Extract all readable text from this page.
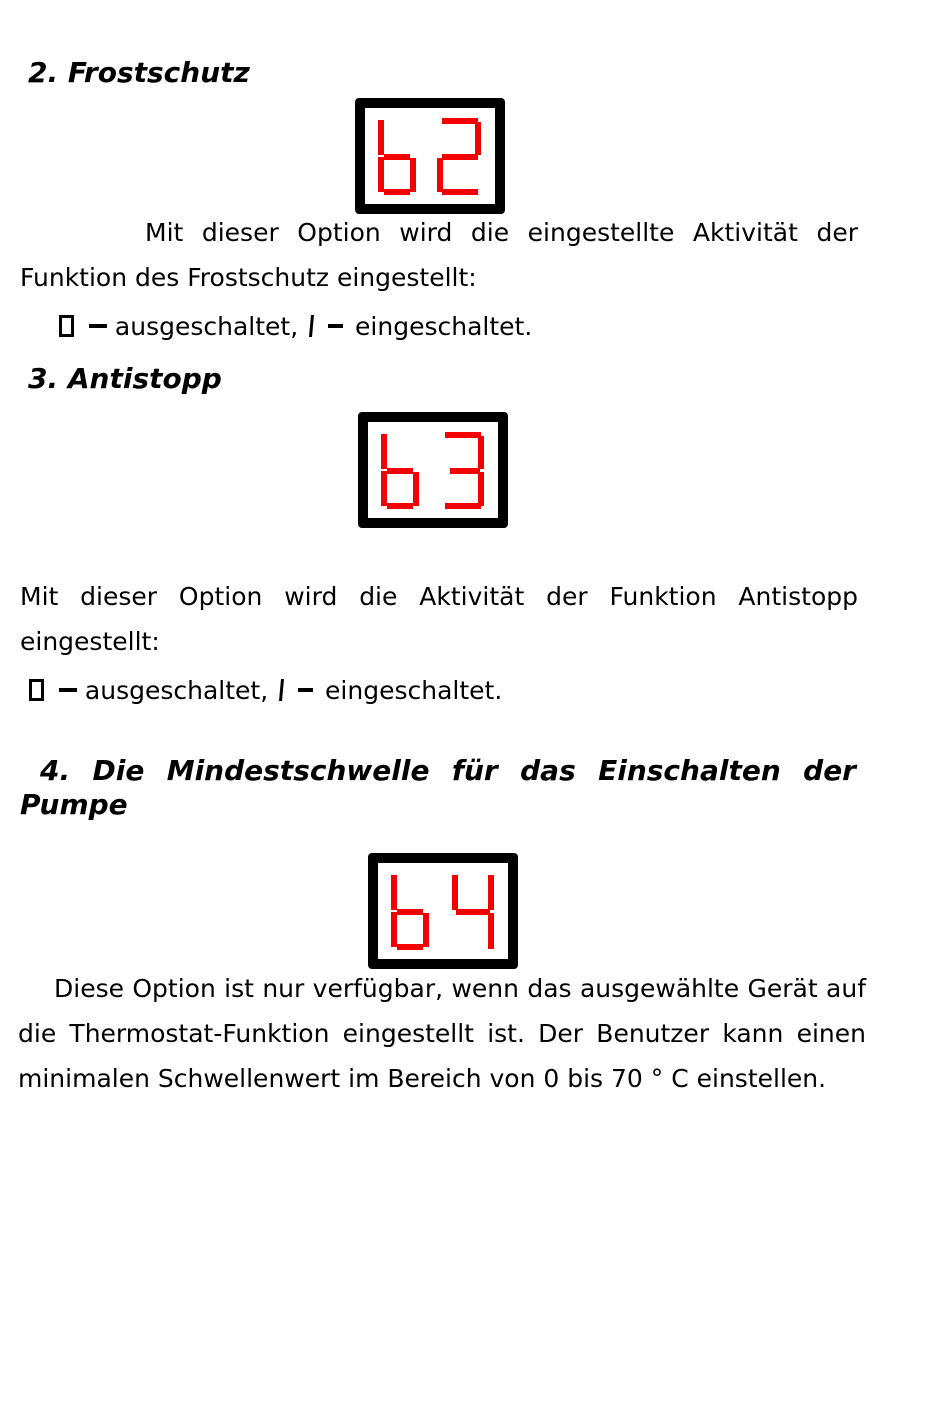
2. Frostschutz

Mit dieser Option wird die eingestellte Aktivität der Funktion des Frostschutz eingestellt:

ausgeschaltet, eingeschaltet.
3. Antistopp

Mit dieser Option wird die Aktivität der Funktion Antistopp eingestellt:

ausgeschaltet, eingeschaltet.
4. Die Mindestschwelle für das Einschalten der Pumpe

Diese Option ist nur verfügbar, wenn das ausgewählte Gerät auf die Thermostat-Funktion eingestellt ist. Der Benutzer kann einen minimalen Schwellenwert im Bereich von 0 bis 70 ° C einstellen.
